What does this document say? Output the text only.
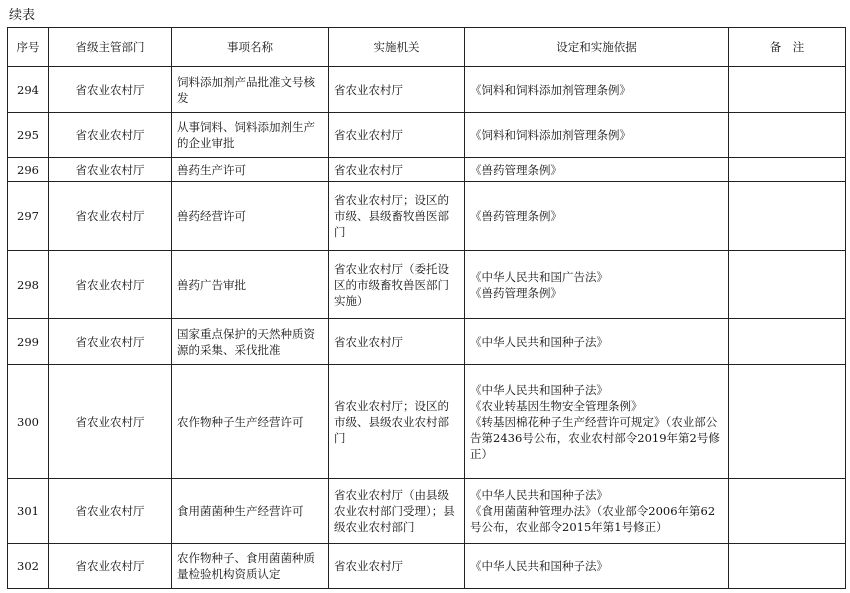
续表
序号	省级主管部门	事项名称	实施机关	设定和实施依据	备　注
294	省农业农村厅	饲料添加剂产品批准文号核发	省农业农村厅	《饲料和饲料添加剂管理条例》	

295	省农业农村厅	从事饲料、饲料添加剂生产的企业审批	省农业农村厅	《饲料和饲料添加剂管理条例》	

296	省农业农村厅	兽药生产许可	省农业农村厅	《兽药管理条例》	

297	省农业农村厅	兽药经营许可	省农业农村厅；设区的市级、县级畜牧兽医部门	《兽药管理条例》	

298	省农业农村厅	兽药广告审批	省农业农村厅（委托设区的市级畜牧兽医部门实施）	《中华人民共和国广告法》
《兽药管理条例》	

299	省农业农村厅	国家重点保护的天然种质资源的采集、采伐批准	省农业农村厅	《中华人民共和国种子法》	

300	省农业农村厅	农作物种子生产经营许可	省农业农村厅；设区的市级、县级农业农村部门	《中华人民共和国种子法》
《农业转基因生物安全管理条例》
《转基因棉花种子生产经营许可规定》（农业部公告第2436号公布，农业农村部令2019年第2号修正）	

301	省农业农村厅	食用菌菌种生产经营许可	省农业农村厅（由县级农业农村部门受理）；县级农业农村部门	《中华人民共和国种子法》
《食用菌菌种管理办法》（农业部令2006年第62号公布，农业部令2015年第1号修正）	

302	省农业农村厅	农作物种子、食用菌菌种质量检验机构资质认定	省农业农村厅	《中华人民共和国种子法》	
